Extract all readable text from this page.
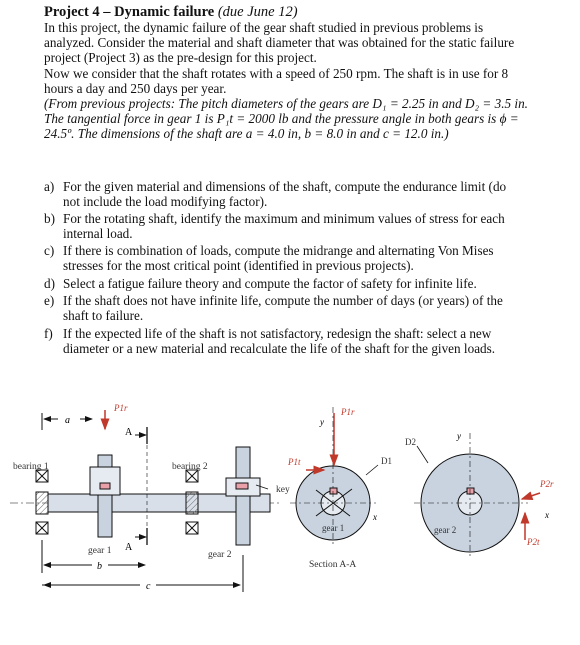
Project 4 – Dynamic failure (due June 12)

In this project, the dynamic failure of the gear shaft studied in previous problems is analyzed. Consider the material and shaft diameter that was obtained for the static failure project (Project 3) as the pre-design for this project.

Now we consider that the shaft rotates with a speed of 250 rpm. The shaft is in use for 8 hours a day and 250 days per year.

(From previous projects: The pitch diameters of the gears are D₁ = 2.25 in and D₂ = 3.5 in. The tangential force in gear 1 is P₁t = 2000 lb and the pressure angle in both gears is ϕ = 24.5º. The dimensions of the shaft are a = 4.0 in, b = 8.0 in and c = 12.0 in.)

a) For the given material and dimensions of the shaft, compute the endurance limit (do not include the load modifying factor).
b) For the rotating shaft, identify the maximum and minimum values of stress for each internal load.
c) If there is combination of loads, compute the midrange and alternating Von Mises stresses for the most critical point (identified in previous projects).
d) Select a fatigue failure theory and compute the factor of safety for infinite life.
e) If the shaft does not have infinite life, compute the number of days (or years) of the shaft to failure.
f) If the expected life of the shaft is not satisfactory, redesign the shaft: select a new diameter or a new material and recalculate the life of the shaft for the given loads.
a
P1r
A
bearing 1
gear 1 A
bearing 2
gear 2
key
b
c
gear 1
y
x
Section A-A
P1r
P1t	D1
gear 2
y
x
D2
P2r
P2t
